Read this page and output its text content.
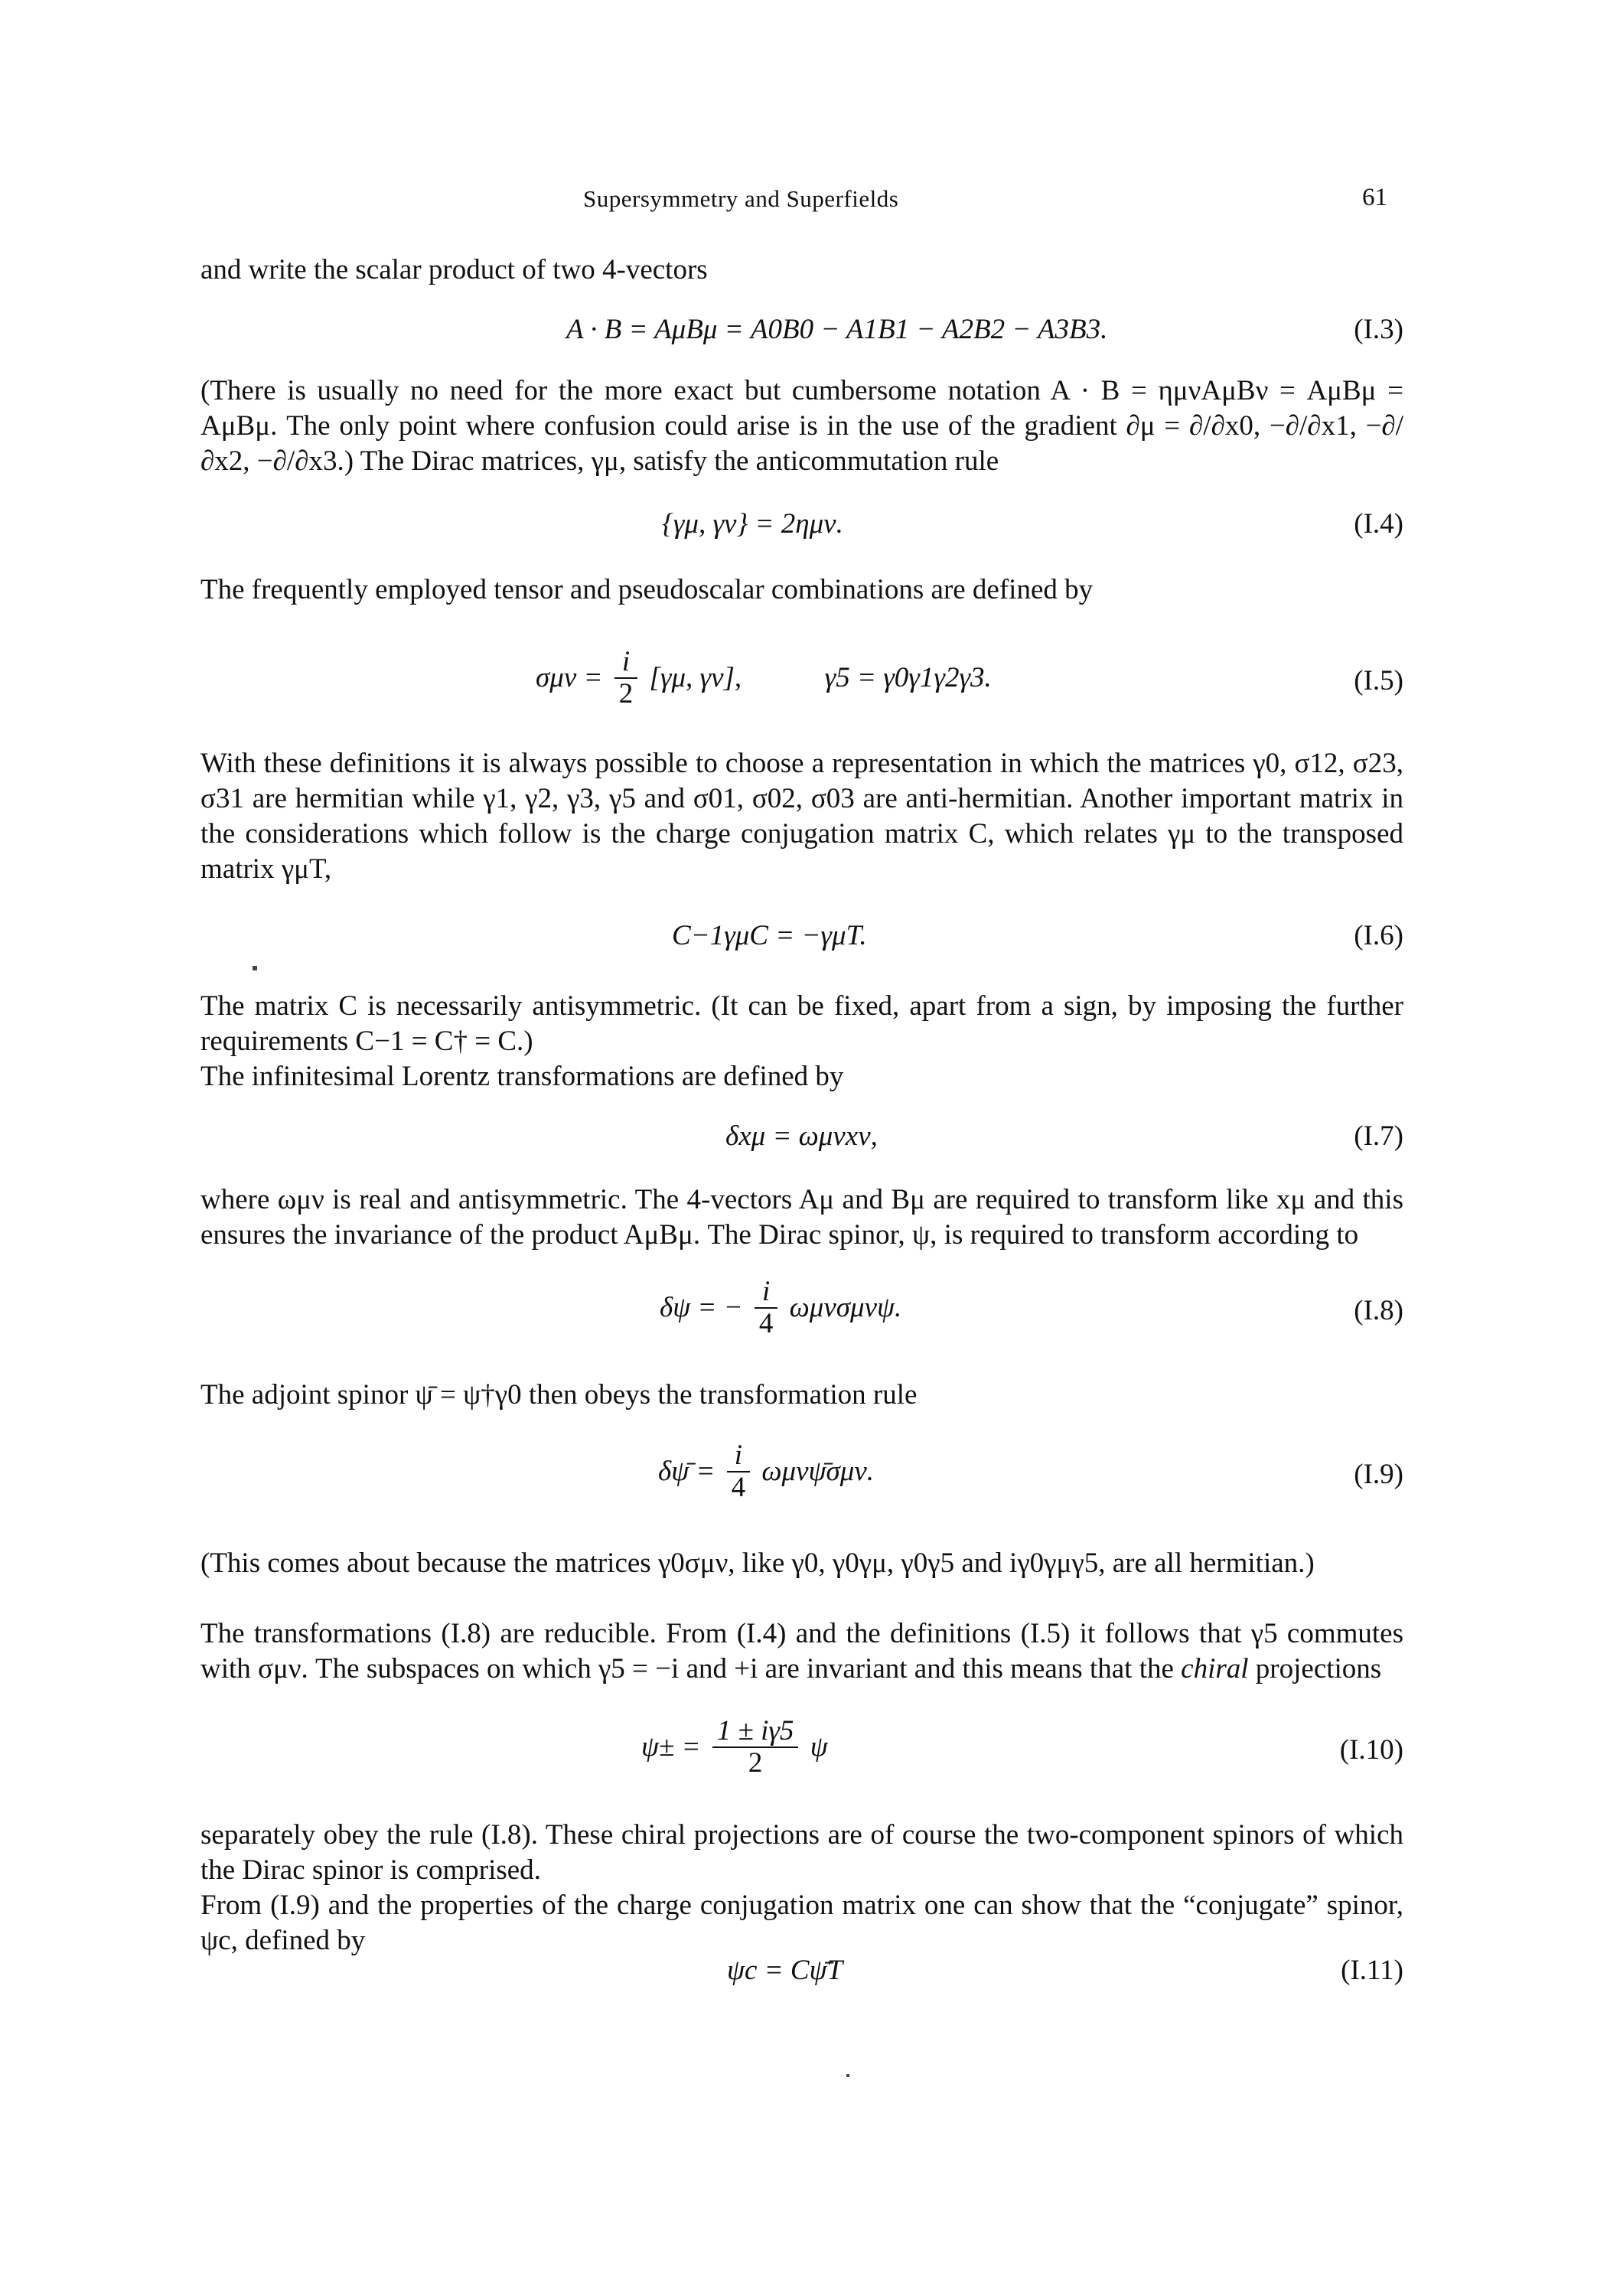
Supersymmetry and Superfields	61
and write the scalar product of two 4-vectors
A · B = AμBμ = A0B0 − A1B1 − A2B2 − A3B3.	(I.3)
(There is usually no need for the more exact but cumbersome notation A · B = ημνAμBν = AμBμ = AμBμ. The only point where confusion could arise is in the use of the gradient ∂μ = ∂/∂x0, −∂/∂x1, −∂/∂x2, −∂/∂x3.) The Dirac matrices, γμ, satisfy the anticommutation rule
{γμ, γν} = 2ημν.	(I.4)
The frequently employed tensor and pseudoscalar combinations are defined by
$\sigma\mu\nu = \frac{i}{2} [\gamma\mu$, γν],	γ5 = γ0γ1γ2γ3.	(I.5)
With these definitions it is always possible to choose a representation in which the matrices γ0, σ12, σ23, σ31 are hermitian while γ1, γ2, γ3, γ5 and σ01, σ02, σ03 are anti-hermitian. Another important matrix in the considerations which follow is the charge conjugation matrix C, which relates γμ to the transposed matrix γμT,
C−1γμC = −γμT.	(I.6)
The matrix C is necessarily antisymmetric. (It can be fixed, apart from a sign, by imposing the further requirements C−1 = C† = C.)
The infinitesimal Lorentz transformations are defined by
δxμ = ωμνxν,	(I.7)
where ωμν is real and antisymmetric. The 4-vectors Aμ and Bμ are required to transform like xμ and this ensures the invariance of the product AμBμ. The Dirac spinor, ψ, is required to transform according to
δψ = − $\frac{i}{4} \omega\mu\nu\sigma\mu\nu\psi$.	(I.8)
The adjoint spinor ψ̄ = ψ†γ0 then obeys the transformation rule
δψ̄ = $\frac{i}{4}$ ωμνψ̄σμν.	(I.9)
(This comes about because the matrices γ0σμν, like γ0, γ0γμ, γ0γ5 and iγ0γμγ5, are all hermitian.)
The transformations (I.8) are reducible. From (I.4) and the definitions (I.5) it follows that γ5 commutes with σμν. The subspaces on which γ5 = −i and +i are invariant and this means that the chiral projections
$\psi\pm = \frac{1 \pm i\gamma 5}{2}$ ψ	(I.10)
separately obey the rule (I.8). These chiral projections are of course the two-component spinors of which the Dirac spinor is comprised.
From (I.9) and the properties of the charge conjugation matrix one can show that the “conjugate” spinor, ψc, defined by
ψc = Cψ̄T	(I.11)
